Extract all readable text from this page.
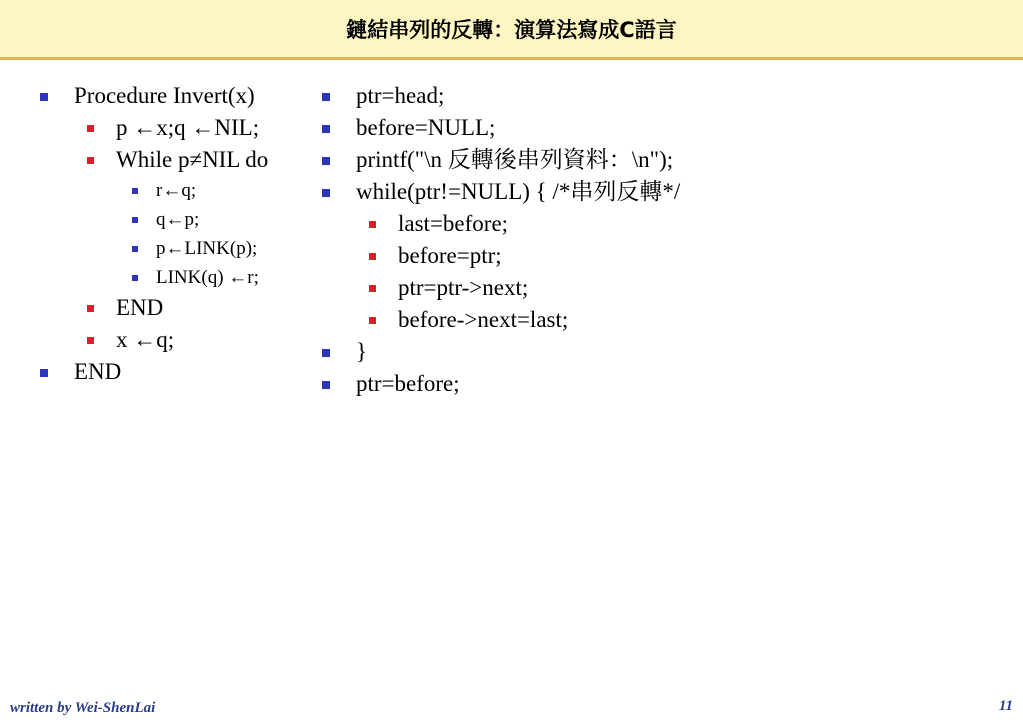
鏈結串列的反轉：演算法寫成C語言
Procedure Invert(x)
p ←x;q ←NIL;
While p≠NIL do
r←q;
q←p;
p←LINK(p);
LINK(q) ←r;
END
x ←q;
END
ptr=head;
before=NULL;
printf("\n 反轉後串列資料：\n");
while(ptr!=NULL) { /*串列反轉*/
last=before;
before=ptr;
ptr=ptr->next;
before->next=last;
}
ptr=before;
written by Wei-ShenLai	11
